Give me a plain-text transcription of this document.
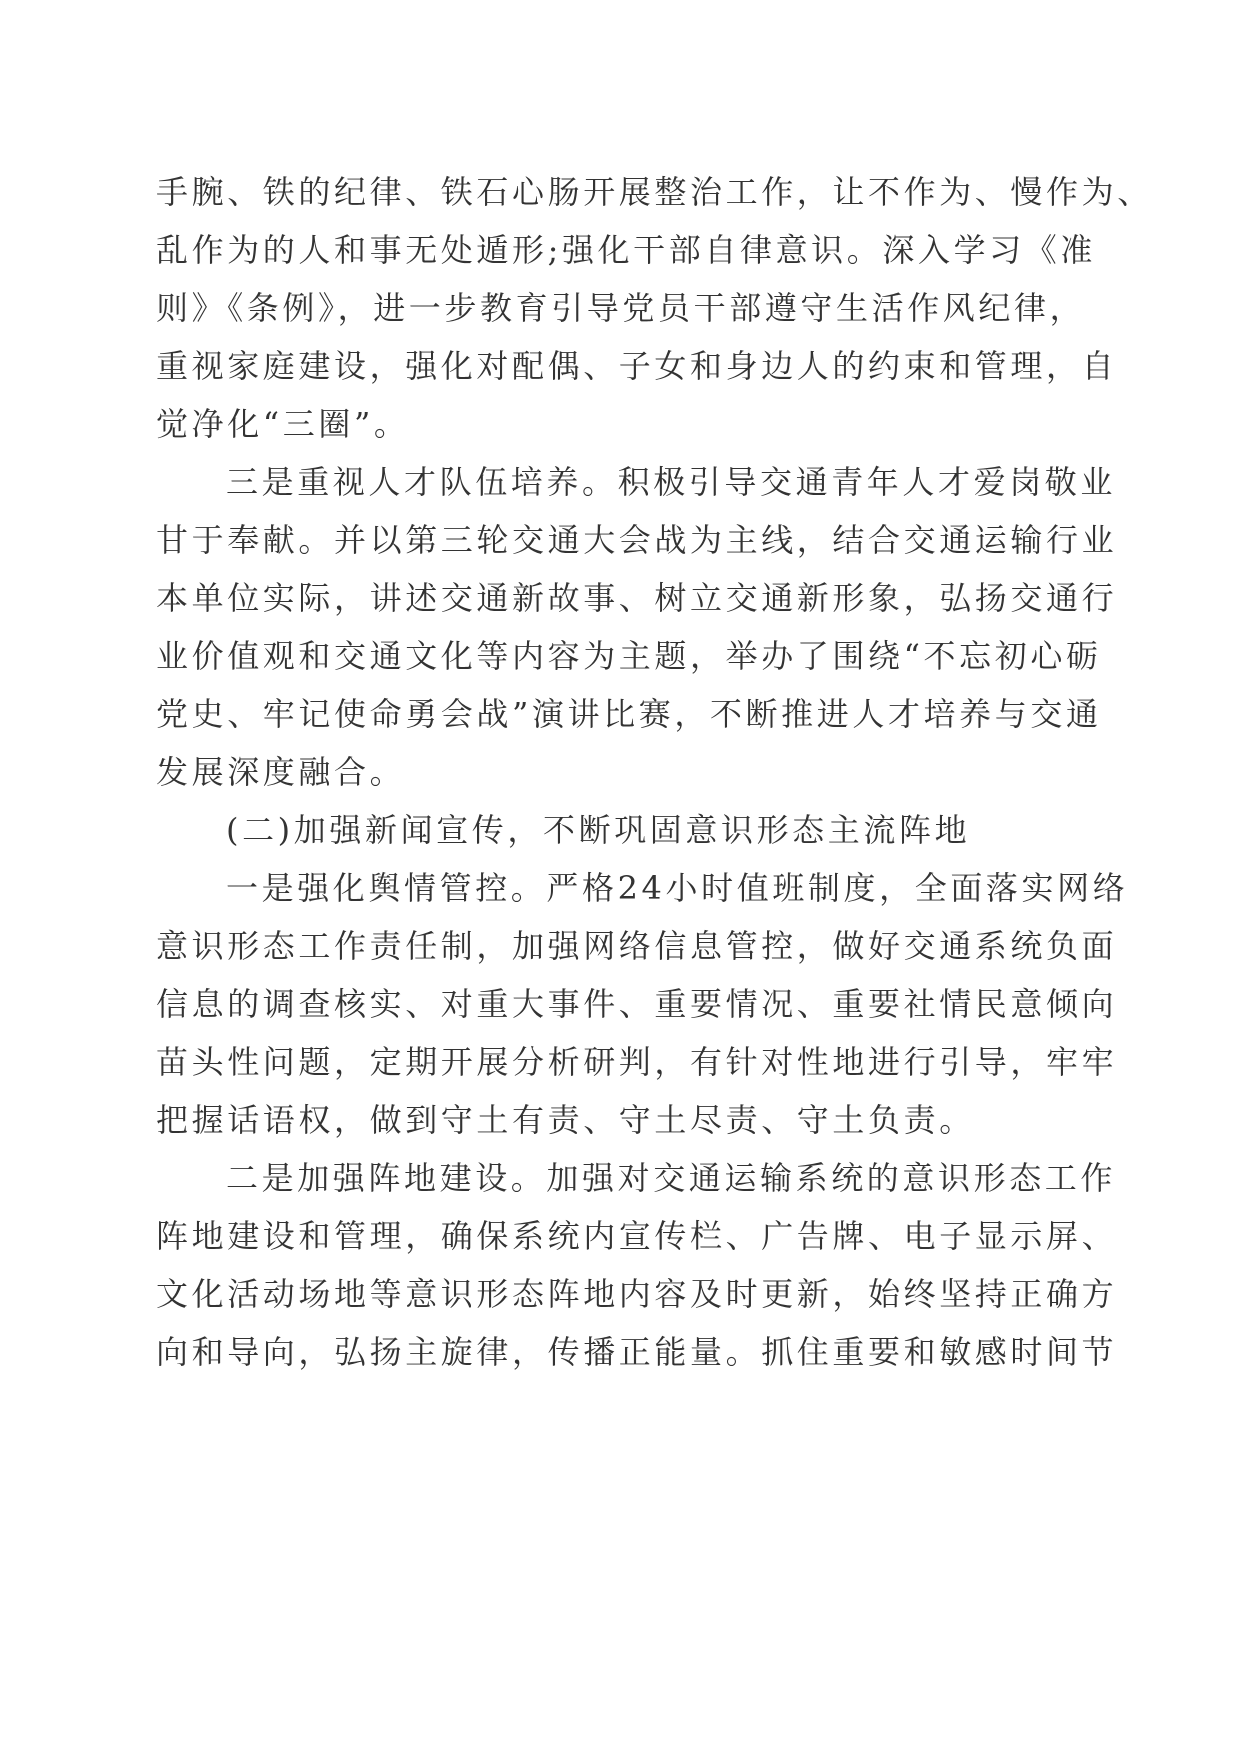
手腕、铁的纪律、铁石心肠开展整治工作，让不作为、慢作为、
乱作为的人和事无处遁形;强化干部自律意识。深入学习《准
则》《条例》，进一步教育引导党员干部遵守生活作风纪律，
重视家庭建设，强化对配偶、子女和身边人的约束和管理，自
觉净化“三圈”。
三是重视人才队伍培养。积极引导交通青年人才爱岗敬业
甘于奉献。并以第三轮交通大会战为主线，结合交通运输行业
本单位实际，讲述交通新故事、树立交通新形象，弘扬交通行
业价值观和交通文化等内容为主题，举办了围绕“不忘初心砺
党史、牢记使命勇会战”演讲比赛，不断推进人才培养与交通
发展深度融合。
(二)加强新闻宣传，不断巩固意识形态主流阵地
一是强化舆情管控。严格24小时值班制度，全面落实网络
意识形态工作责任制，加强网络信息管控，做好交通系统负面
信息的调查核实、对重大事件、重要情况、重要社情民意倾向
苗头性问题，定期开展分析研判，有针对性地进行引导，牢牢
把握话语权，做到守土有责、守土尽责、守土负责。
二是加强阵地建设。加强对交通运输系统的意识形态工作
阵地建设和管理，确保系统内宣传栏、广告牌、电子显示屏、
文化活动场地等意识形态阵地内容及时更新，始终坚持正确方
向和导向，弘扬主旋律，传播正能量。抓住重要和敏感时间节
